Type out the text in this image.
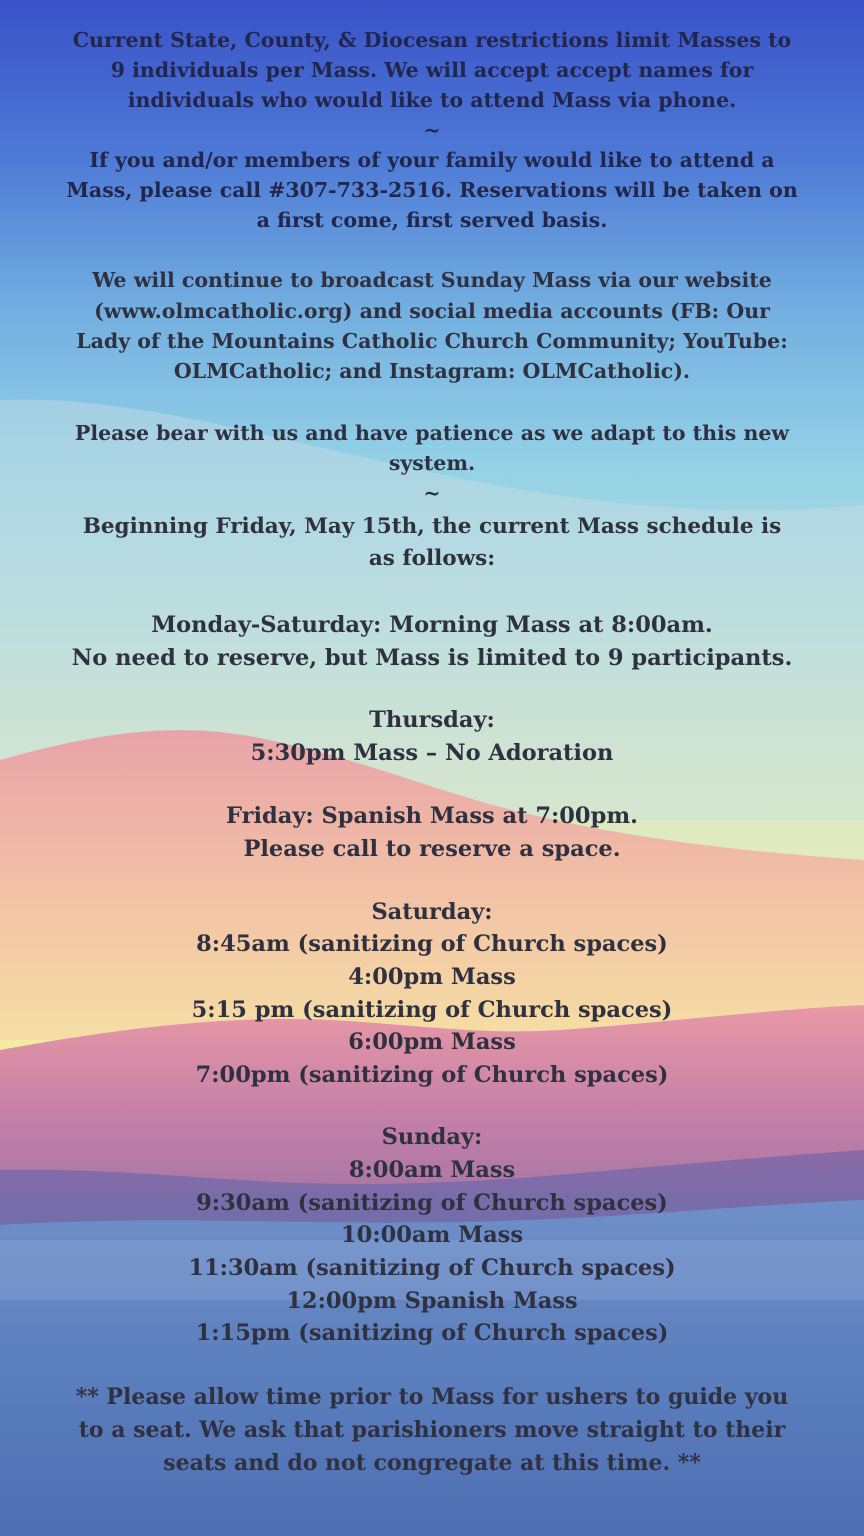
Current State, County, & Diocesan restrictions limit Masses to
9 individuals per Mass. We will accept accept names for
individuals who would like to attend Mass via phone.
~
If you and/or members of your family would like to attend a
Mass, please call #307-733-2516. Reservations will be taken on
a first come, first served basis.
We will continue to broadcast Sunday Mass via our website
(www.olmcatholic.org) and social media accounts (FB: Our
Lady of the Mountains Catholic Church Community; YouTube:
OLMCatholic; and Instagram: OLMCatholic).
Please bear with us and have patience as we adapt to this new
system.
~
Beginning Friday, May 15th, the current Mass schedule is
as follows:
Monday-Saturday: Morning Mass at 8:00am.
No need to reserve, but Mass is limited to 9 participants.
Thursday:
5:30pm Mass – No Adoration
Friday: Spanish Mass at 7:00pm.
Please call to reserve a space.
Saturday:
8:45am (sanitizing of Church spaces)
4:00pm Mass
5:15 pm (sanitizing of Church spaces)
6:00pm Mass
7:00pm (sanitizing of Church spaces)
Sunday:
8:00am Mass
9:30am (sanitizing of Church spaces)
10:00am Mass
11:30am (sanitizing of Church spaces)
12:00pm Spanish Mass
1:15pm (sanitizing of Church spaces)
** Please allow time prior to Mass for ushers to guide you
to a seat. We ask that parishioners move straight to their
seats and do not congregate at this time. **
